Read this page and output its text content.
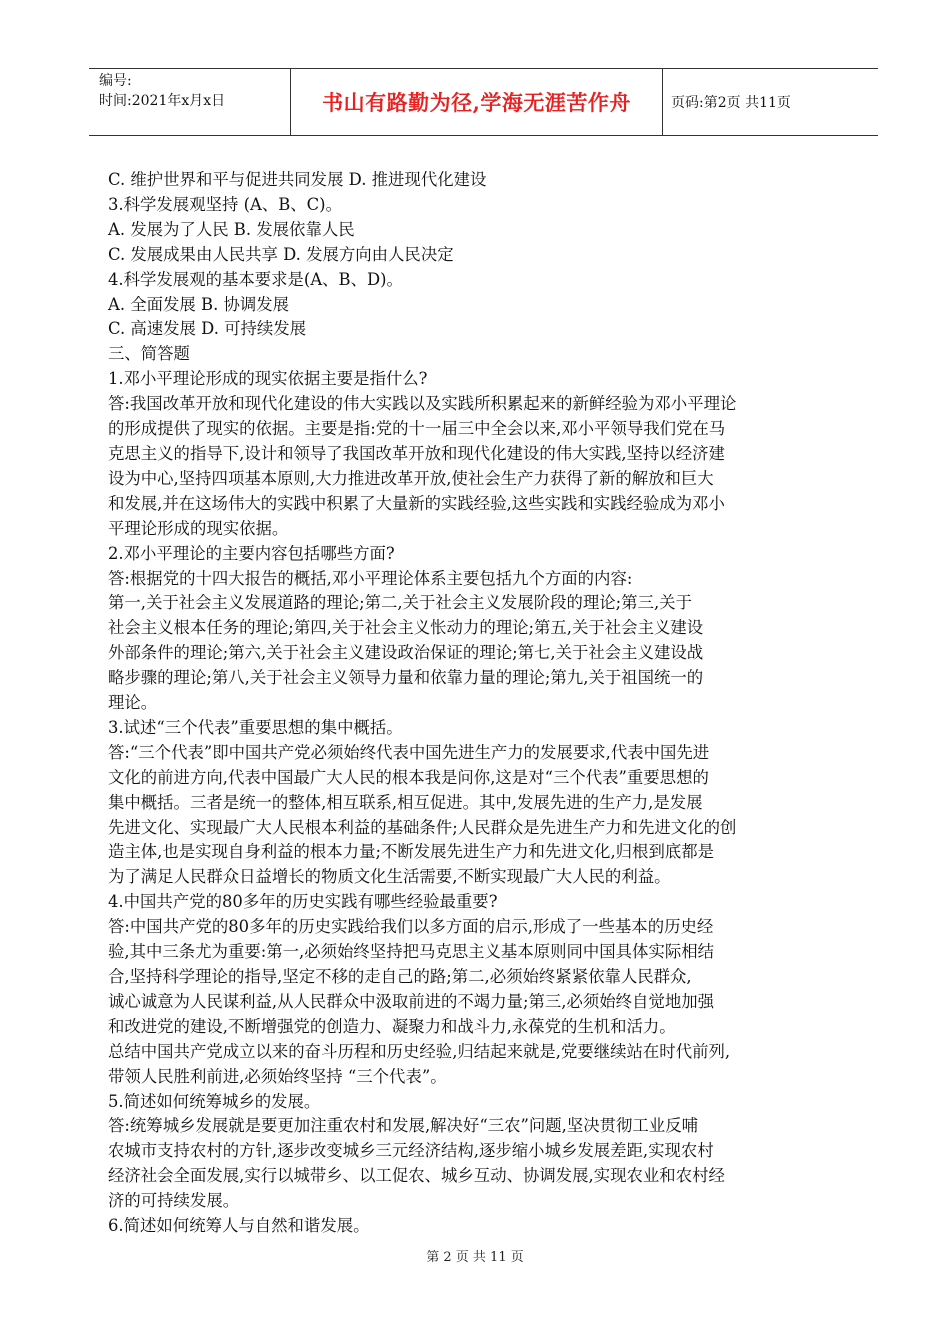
编号:
时间:2021年x月x日	书山有路勤为径,学海无涯苦作舟	页码:第2页 共11页

C. 维护世界和平与促进共同发展 D. 推进现代化建设

3.科学发展观坚持 (A、B、C)。

A. 发展为了人民 B. 发展依靠人民

C. 发展成果由人民共享 D. 发展方向由人民决定

4.科学发展观的基本要求是(A、B、D)。

A. 全面发展 B. 协调发展

C. 高速发展 D. 可持续发展

三、简答题

1.邓小平理论形成的现实依据主要是指什么?

答:我国改革开放和现代化建设的伟大实践以及实践所积累起来的新鲜经验为邓小平理论

的形成提供了现实的依据。主要是指:党的十一届三中全会以来,邓小平领导我们党在马

克思主义的指导下,设计和领导了我国改革开放和现代化建设的伟大实践,坚持以经济建

设为中心,坚持四项基本原则,大力推进改革开放,使社会生产力获得了新的解放和巨大

和发展,并在这场伟大的实践中积累了大量新的实践经验,这些实践和实践经验成为邓小

平理论形成的现实依据。

2.邓小平理论的主要内容包括哪些方面?

答:根据党的十四大报告的概括,邓小平理论体系主要包括九个方面的内容:

第一,关于社会主义发展道路的理论;第二,关于社会主义发展阶段的理论;第三,关于

社会主义根本任务的理论;第四,关于社会主义怅动力的理论;第五,关于社会主义建设

外部条件的理论;第六,关于社会主义建设政治保证的理论;第七,关于社会主义建设战

略步骤的理论;第八,关于社会主义领导力量和依靠力量的理论;第九,关于祖国统一的

理论。

3.试述“三个代表”重要思想的集中概括。

答:“三个代表”即中国共产党必须始终代表中国先进生产力的发展要求,代表中国先进

文化的前进方向,代表中国最广大人民的根本我是问你,这是对“三个代表”重要思想的

集中概括。三者是统一的整体,相互联系,相互促进。其中,发展先进的生产力,是发展

先进文化、实现最广大人民根本利益的基础条件;人民群众是先进生产力和先进文化的创

造主体,也是实现自身利益的根本力量;不断发展先进生产力和先进文化,归根到底都是

为了满足人民群众日益增长的物质文化生活需要,不断实现最广大人民的利益。

4.中国共产党的80多年的历史实践有哪些经验最重要?

答:中国共产党的80多年的历史实践给我们以多方面的启示,形成了一些基本的历史经

验,其中三条尤为重要:第一,必须始终坚持把马克思主义基本原则同中国具体实际相结

合,坚持科学理论的指导,坚定不移的走自己的路;第二,必须始终紧紧依靠人民群众,

诚心诚意为人民谋利益,从人民群众中汲取前进的不竭力量;第三,必须始终自觉地加强

和改进党的建设,不断增强党的创造力、凝聚力和战斗力,永葆党的生机和活力。

总结中国共产党成立以来的奋斗历程和历史经验,归结起来就是,党要继续站在时代前列,

带领人民胜利前进,必须始终坚持 “三个代表”。

5.简述如何统筹城乡的发展。

答:统筹城乡发展就是要更加注重农村和发展,解决好“三农”问题,坚决贯彻工业反哺

农城市支持农村的方针,逐步改变城乡三元经济结构,逐步缩小城乡发展差距,实现农村

经济社会全面发展,实行以城带乡、以工促农、城乡互动、协调发展,实现农业和农村经

济的可持续发展。

6.简述如何统筹人与自然和谐发展。

第 2 页 共 11 页
